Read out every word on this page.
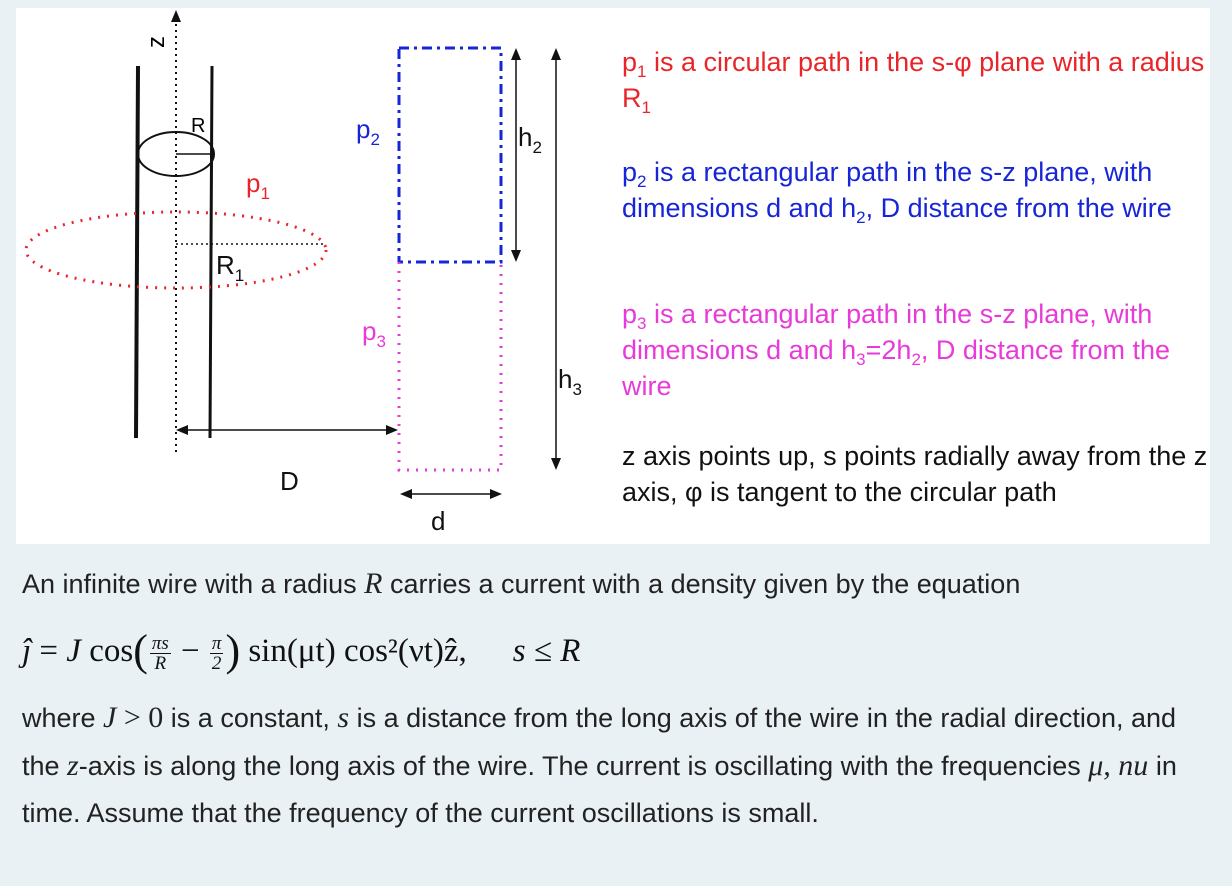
z
R
$p_1$
$R_1$
D
$p_2$
$p_3$
$h_2$
$h_3$
d
$p_1$ is a circular path in the s-φ plane with a radius $R_1$
$p_2$ is a rectangular path in the s-z plane, with dimensions d and $h_2$, D distance from the wire
$p_3$ is a rectangular path in the s-z plane, with dimensions d and $h_3=2h_2$, D distance from the wire
z axis points up, s points radially away from the z axis, φ is tangent to the circular path
An infinite wire with a radius R carries a current with a density given by the equation
ĵ = J $\cos( \frac{\pi s}{R} - \frac{\pi}{2}$ ) sin(μt) cos²(νt)ẑ, s ≤ R
where J > 0 is a constant, s is a distance from the long axis of the wire in the radial direction, and the z-axis is along the long axis of the wire. The current is oscillating with the frequencies μ, nu in time. Assume that the frequency of the current oscillations is small.
